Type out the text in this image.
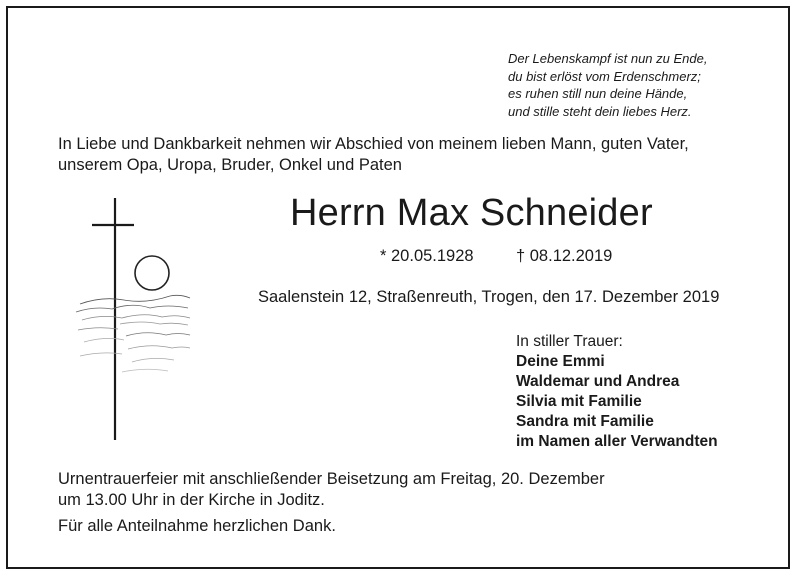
Der Lebenskampf ist nun zu Ende,
du bist erlöst vom Erdenschmerz;
es ruhen still nun deine Hände,
und stille steht dein liebes Herz.
In Liebe und Dankbarkeit nehmen wir Abschied von meinem lieben Mann, guten Vater,
unserem Opa, Uropa, Bruder, Onkel und Paten
Herrn Max Schneider
* 20.05.1928	† 08.12.2019
Saalenstein 12, Straßenreuth, Trogen, den 17. Dezember 2019
In stiller Trauer:
Deine Emmi
Waldemar und Andrea
Silvia mit Familie
Sandra mit Familie
im Namen aller Verwandten
Urnentrauerfeier mit anschließender Beisetzung am Freitag, 20. Dezember
um 13.00 Uhr in der Kirche in Joditz.
Für alle Anteilnahme herzlichen Dank.
